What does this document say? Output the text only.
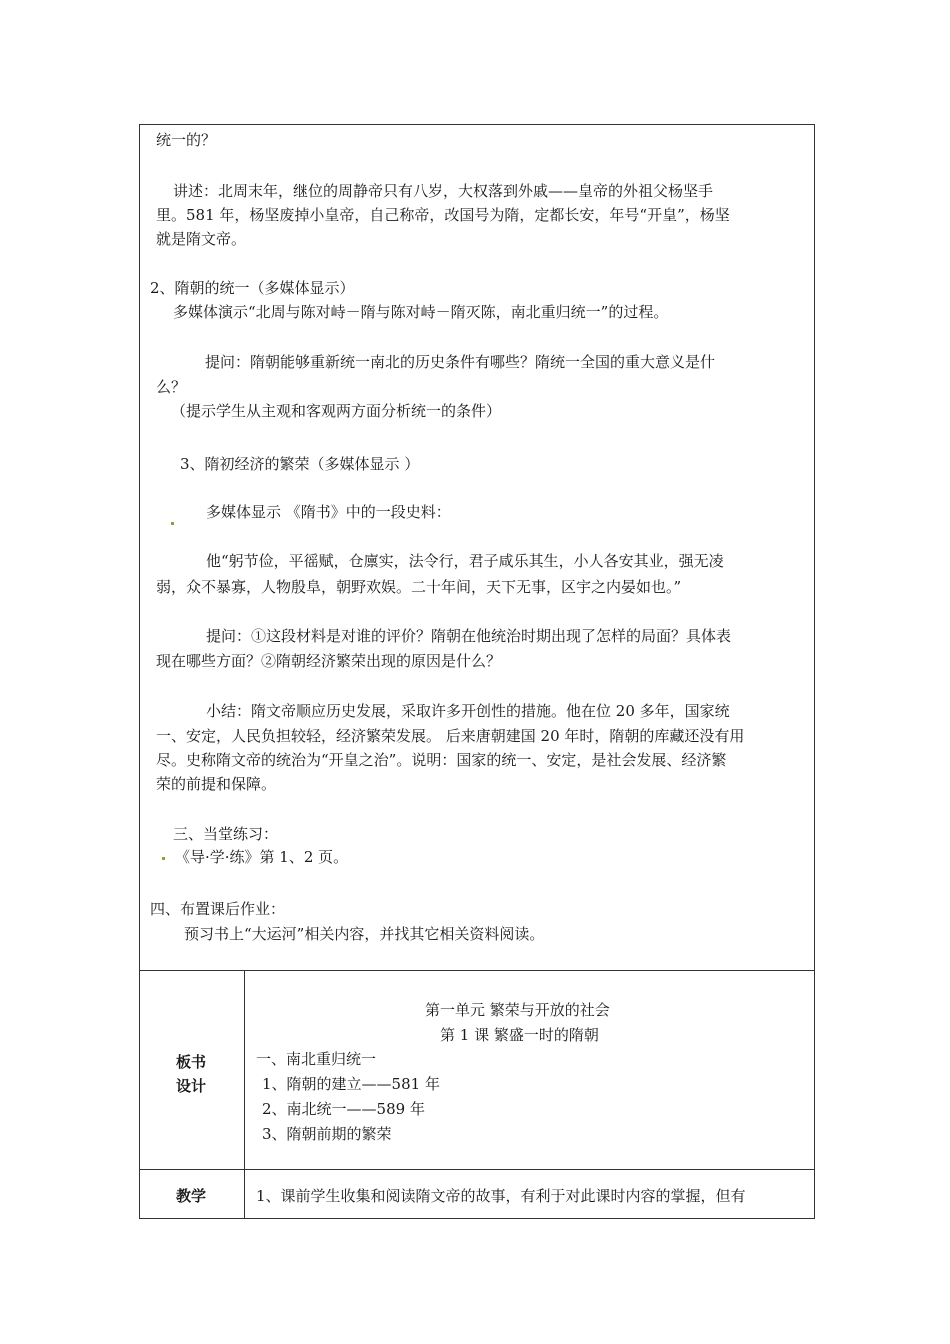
统一的？
讲述：北周末年，继位的周静帝只有八岁，大权落到外戚——皇帝的外祖父杨坚手
里。581 年，杨坚废掉小皇帝，自己称帝，改国号为隋，定都长安，年号“开皇”，杨坚
就是隋文帝。
2、隋朝的统一（多媒体显示）
多媒体演示“北周与陈对峙－隋与陈对峙－隋灭陈，南北重归统一”的过程。
提问：隋朝能够重新统一南北的历史条件有哪些？隋统一全国的重大意义是什
么？
（提示学生从主观和客观两方面分析统一的条件）
3、隋初经济的繁荣（多媒体显示 ）
多媒体显示 《隋书》中的一段史料：
他“躬节俭，平徭赋，仓廪实，法令行，君子咸乐其生，小人各安其业，强无凌
弱，众不暴寡，人物殷阜，朝野欢娱。二十年间，天下无事，区宇之内晏如也。”
提问：①这段材料是对谁的评价？隋朝在他统治时期出现了怎样的局面？具体表
现在哪些方面？②隋朝经济繁荣出现的原因是什么？
小结：隋文帝顺应历史发展，采取许多开创性的措施。他在位 20 多年，国家统
一、安定，人民负担较轻，经济繁荣发展。 后来唐朝建国 20 年时，隋朝的库藏还没有用
尽。史称隋文帝的统治为“开皇之治”。说明：国家的统一、安定，是社会发展、经济繁
荣的前提和保障。
三、当堂练习：
《导·学·练》第 1、2 页。
四、布置课后作业：
预习书上“大运河”相关内容，并找其它相关资料阅读。
板书
设计
第一单元 繁荣与开放的社会
第 1 课 繁盛一时的隋朝
一、南北重归统一
1、隋朝的建立——581 年
2、南北统一——589 年
3、隋朝前期的繁荣
教学	1、课前学生收集和阅读隋文帝的故事，有利于对此课时内容的掌握，但有
